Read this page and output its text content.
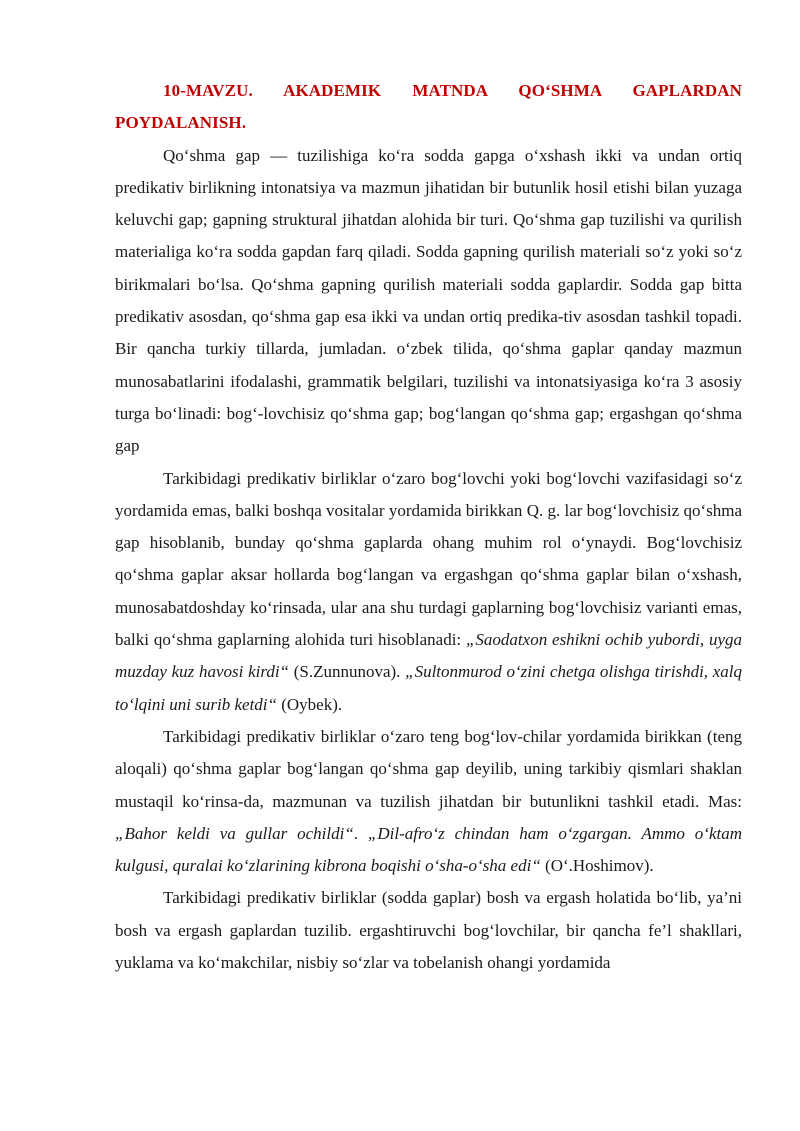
10-MAVZU. AKADEMIK MATNDA QO‘SHMA GAPLARDAN POYDALANISH.

Qo‘shma gap — tuzilishiga ko‘ra sodda gapga o‘xshash ikki va undan ortiq predikativ birlikning intonatsiya va mazmun jihatidan bir butunlik hosil etishi bilan yuzaga keluvchi gap; gapning struktural jihatdan alohida bir turi. Qo‘shma gap tuzilishi va qurilish materialiga ko‘ra sodda gapdan farq qiladi. Sodda gapning qurilish materiali so‘z yoki so‘z birikmalari bo‘lsa. Qo‘shma gapning qurilish materiali sodda gaplardir. Sodda gap bitta predikativ asosdan, qo‘shma gap esa ikki va undan ortiq predika-tiv asosdan tashkil topadi. Bir qancha turkiy tillarda, jumladan. o‘zbek tilida, qo‘shma gaplar qanday mazmun munosabatlarini ifodalashi, grammatik belgilari, tuzilishi va intonatsiyasiga ko‘ra 3 asosiy turga bo‘linadi: bog‘-lovchisiz qo‘shma gap; bog‘langan qo‘shma gap; ergashgan qo‘shma gap

Tarkibidagi predikativ birliklar o‘zaro bog‘lovchi yoki bog‘lovchi vazifasidagi so‘z yordamida emas, balki boshqa vositalar yordamida birikkan Q. g. lar bog‘lovchisiz qo‘shma gap hisoblanib, bunday qo‘shma gaplarda ohang muhim rol o‘ynaydi. Bog‘lovchisiz qo‘shma gaplar aksar hollarda bog‘langan va ergashgan qo‘shma gaplar bilan o‘xshash, munosabatdoshday ko‘rinsada, ular ana shu turdagi gaplarning bog‘lovchisiz varianti emas, balki qo‘shma gaplarning alohida turi hisoblanadi: „Saodatxon eshikni ochib yubordi, uyga muzday kuz havosi kirdi“ (S.Zunnunova). „Sultonmurod o‘zini chetga olishga tirishdi, xalq to‘lqini uni surib ketdi“ (Oybek).

Tarkibidagi predikativ birliklar o‘zaro teng bog‘lov-chilar yordamida birikkan (teng aloqali) qo‘shma gaplar bog‘langan qo‘shma gap deyilib, uning tarkibiy qismlari shaklan mustaqil ko‘rinsa-da, mazmunan va tuzilish jihatdan bir butunlikni tashkil etadi. Mas: „Bahor keldi va gullar ochildi“. „Dil-afro‘z chindan ham o‘zgargan. Ammo o‘ktam kulgusi, quralai ko‘zlarining kibrona boqishi o‘sha-o‘sha edi“ (O‘.Hoshimov).

Tarkibidagi predikativ birliklar (sodda gaplar) bosh va ergash holatida bo‘lib, ya’ni bosh va ergash gaplardan tuzilib. ergashtiruvchi bog‘lovchilar, bir qancha fe’l shakllari, yuklama va ko‘makchilar, nisbiy so‘zlar va tobelanish ohangi yordamida
